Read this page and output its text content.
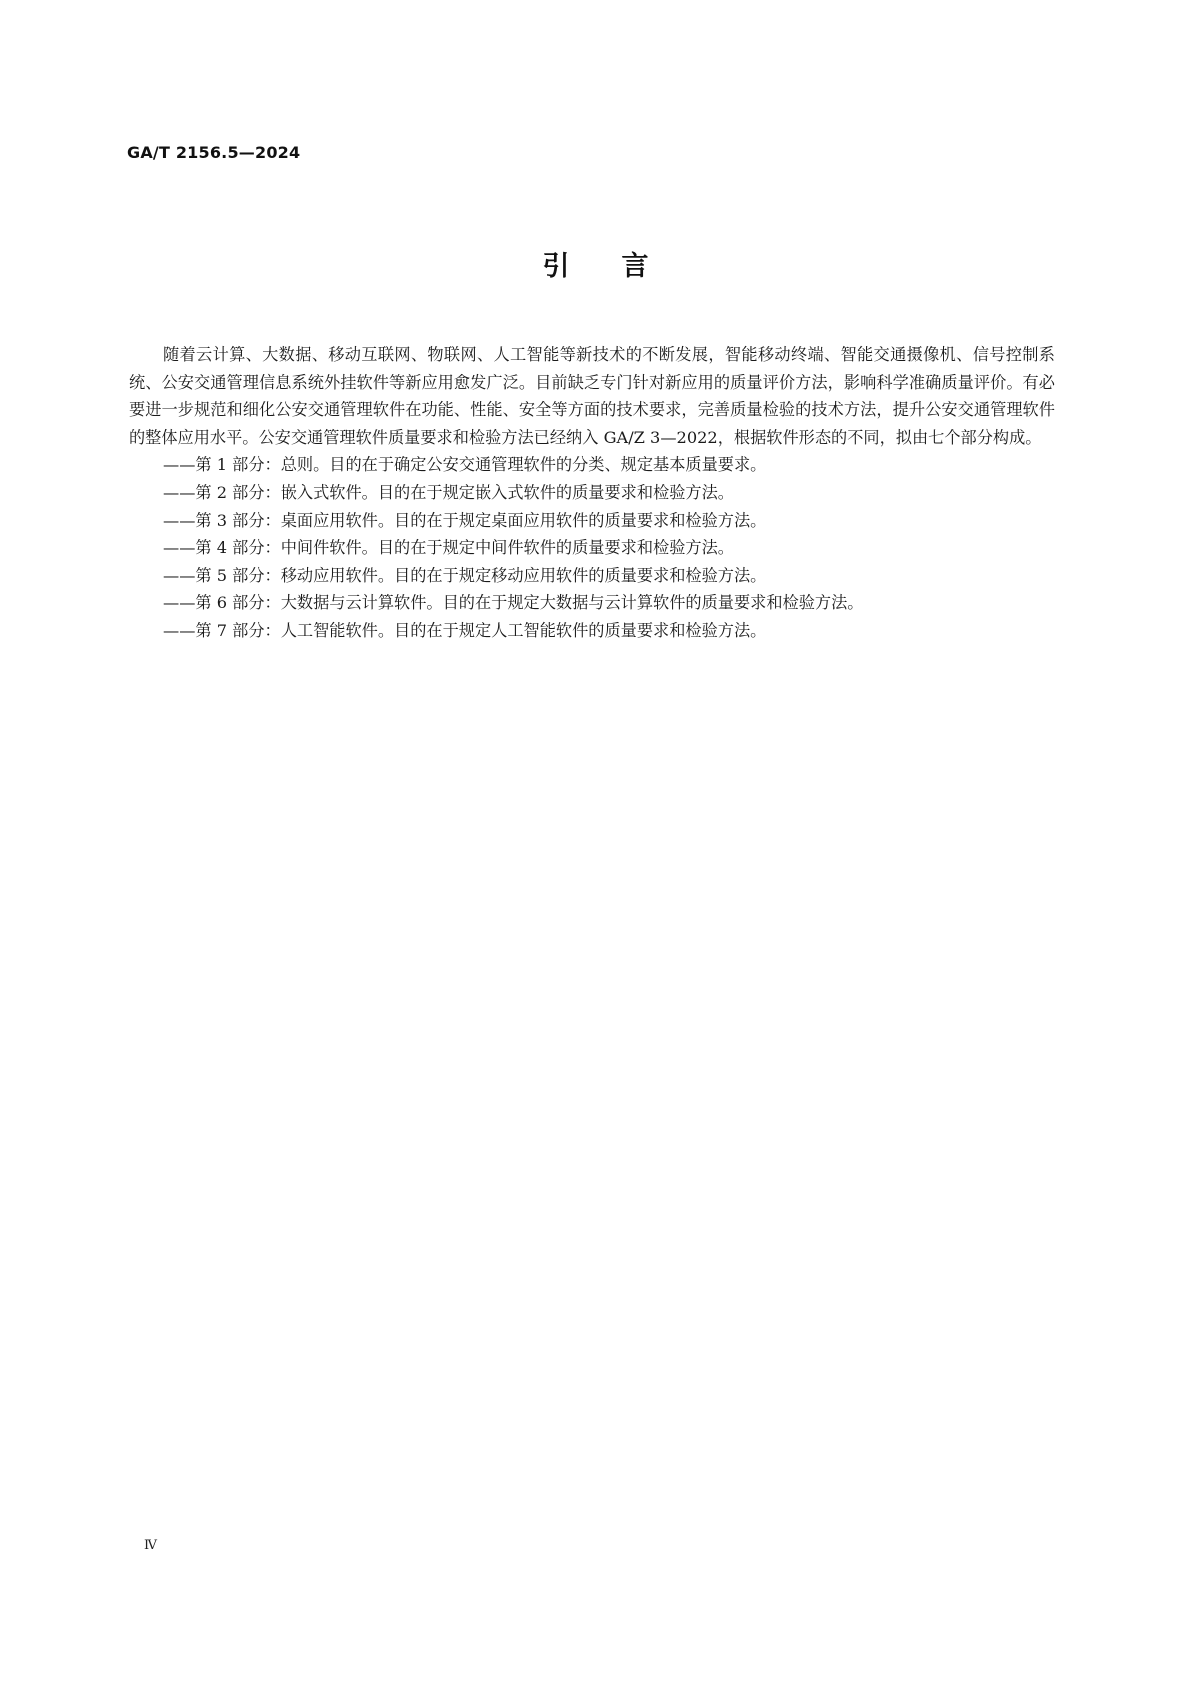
GA/T 2156.5—2024
引 言

随着云计算、大数据、移动互联网、物联网、人工智能等新技术的不断发展，智能移动终端、智能交通摄像机、信号控制系统、公安交通管理信息系统外挂软件等新应用愈发广泛。目前缺乏专门针对新应用的质量评价方法，影响科学准确质量评价。有必要进一步规范和细化公安交通管理软件在功能、性能、安全等方面的技术要求，完善质量检验的技术方法，提升公安交通管理软件的整体应用水平。公安交通管理软件质量要求和检验方法已经纳入 GA/Z 3—2022，根据软件形态的不同，拟由七个部分构成。

——第 1 部分：总则。目的在于确定公安交通管理软件的分类、规定基本质量要求。

——第 2 部分：嵌入式软件。目的在于规定嵌入式软件的质量要求和检验方法。

——第 3 部分：桌面应用软件。目的在于规定桌面应用软件的质量要求和检验方法。

——第 4 部分：中间件软件。目的在于规定中间件软件的质量要求和检验方法。

——第 5 部分：移动应用软件。目的在于规定移动应用软件的质量要求和检验方法。

——第 6 部分：大数据与云计算软件。目的在于规定大数据与云计算软件的质量要求和检验方法。

——第 7 部分：人工智能软件。目的在于规定人工智能软件的质量要求和检验方法。

Ⅳ
